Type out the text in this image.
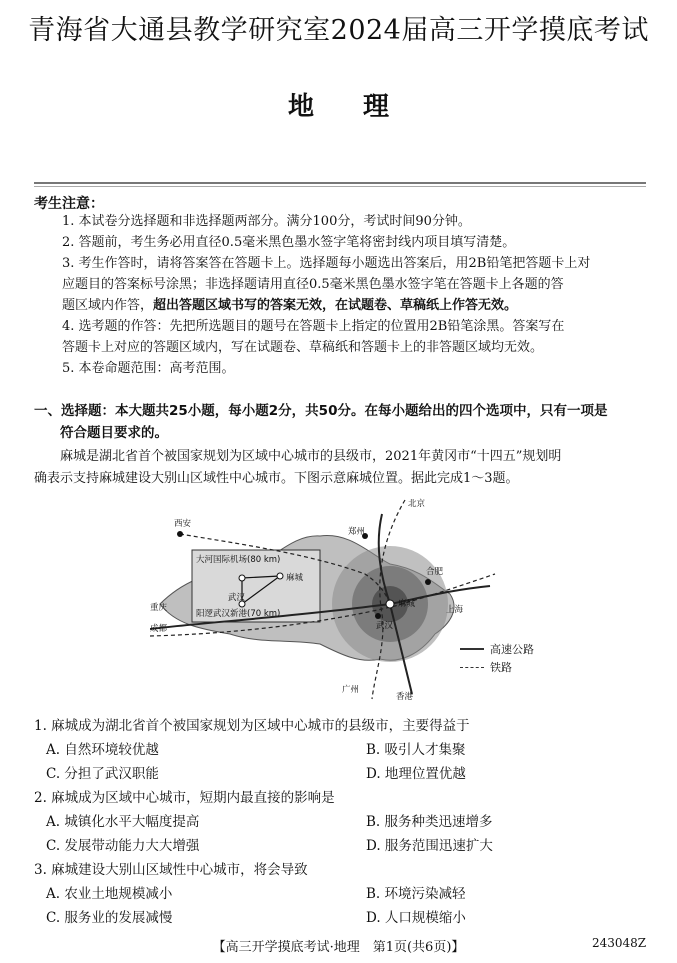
青海省大通县教学研究室2024届高三开学摸底考试
地 理
考生注意：
1. 本试卷分选择题和非选择题两部分。满分100分，考试时间90分钟。
2. 答题前，考生务必用直径0.5毫米黑色墨水签字笔将密封线内项目填写清楚。
3. 考生作答时，请将答案答在答题卡上。选择题每小题选出答案后，用2B铅笔把答题卡上对
应题目的答案标号涂黑；非选择题请用直径0.5毫米黑色墨水签字笔在答题卡上各题的答
题区域内作答，超出答题区域书写的答案无效，在试题卷、草稿纸上作答无效。
4. 选考题的作答：先把所选题目的题号在答题卡上指定的位置用2B铅笔涂黑。答案写在
答题卡上对应的答题区域内，写在试题卷、草稿纸和答题卡上的非答题区域均无效。
5. 本卷命题范围：高考范围。
一、选择题：本大题共25小题，每小题2分，共50分。在每小题给出的四个选项中，只有一项是
符合题目要求的。
麻城是湖北省首个被国家规划为区域中心城市的县级市，2021年黄冈市“十四五”规划明
确表示支持麻城建设大别山区域性中心城市。下图示意麻城位置。据此完成1～3题。
西安
郑州
北京
合肥
上海
重庆
成都	武汉
麻城
广州
香港
大河国际机场(80 km)
武汉
麻城
阳逻武汉新港(70 km)
高速公路
铁路
1. 麻城成为湖北省首个被国家规划为区域中心城市的县级市，主要得益于
A. 自然环境较优越	B. 吸引人才集聚
C. 分担了武汉职能	D. 地理位置优越
2. 麻城成为区域中心城市，短期内最直接的影响是
A. 城镇化水平大幅度提高	B. 服务种类迅速增多
C. 发展带动能力大大增强	D. 服务范围迅速扩大
3. 麻城建设大别山区域性中心城市，将会导致
A. 农业土地规模减小	B. 环境污染减轻
C. 服务业的发展减慢	D. 人口规模缩小
【高三开学摸底考试·地理　第1页(共6页)】	243048Z
